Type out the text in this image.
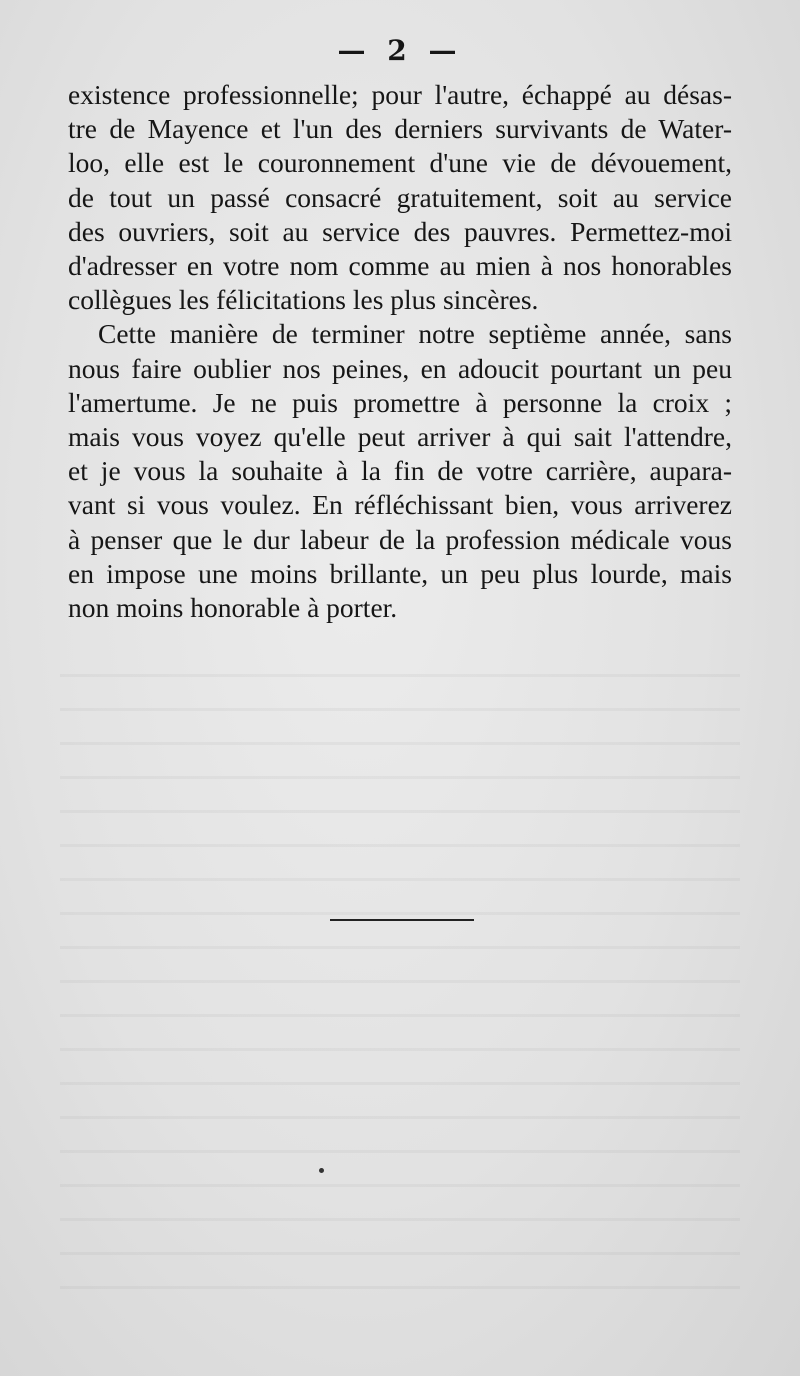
— 2 —
existence professionnelle; pour l'autre, échappé au désas-
tre de Mayence et l'un des derniers survivants de Water-
loo, elle est le couronnement d'une vie de dévouement,
de tout un passé consacré gratuitement, soit au service
des ouvriers, soit au service des pauvres. Permettez-moi
d'adresser en votre nom comme au mien à nos honorables
collègues les félicitations les plus sincères.
Cette manière de terminer notre septième année, sans
nous faire oublier nos peines, en adoucit pourtant un peu
l'amertume. Je ne puis promettre à personne la croix ;
mais vous voyez qu'elle peut arriver à qui sait l'attendre,
et je vous la souhaite à la fin de votre carrière, aupara-
vant si vous voulez. En réfléchissant bien, vous arriverez
à penser que le dur labeur de la profession médicale vous
en impose une moins brillante, un peu plus lourde, mais
non moins honorable à porter.
